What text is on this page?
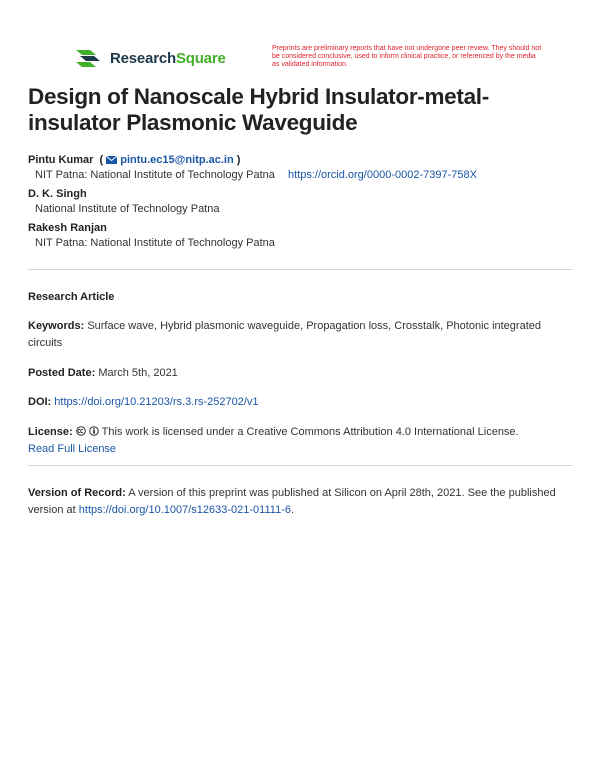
ResearchSquare
Preprints are preliminary reports that have not undergone peer review. They should not be considered conclusive, used to inform clinical practice, or referenced by the media as validated information.
Design of Nanoscale Hybrid Insulator-metal-insulator Plasmonic Waveguide
Pintu Kumar  ( pintu.ec15@nitp.ac.in )
NIT Patna: National Institute of Technology Patna https://orcid.org/0000-0002-7397-758X
D. K. Singh
National Institute of Technology Patna
Rakesh Ranjan
NIT Patna: National Institute of Technology Patna
Research Article
Keywords: Surface wave, Hybrid plasmonic waveguide, Propagation loss, Crosstalk, Photonic integrated circuits
Posted Date: March 5th, 2021
DOI: https://doi.org/10.21203/rs.3.rs-252702/v1
License:	This work is licensed under a Creative Commons Attribution 4.0 International License.
Read Full License
Version of Record: A version of this preprint was published at Silicon on April 28th, 2021. See the published version at https://doi.org/10.1007/s12633-021-01111-6.
